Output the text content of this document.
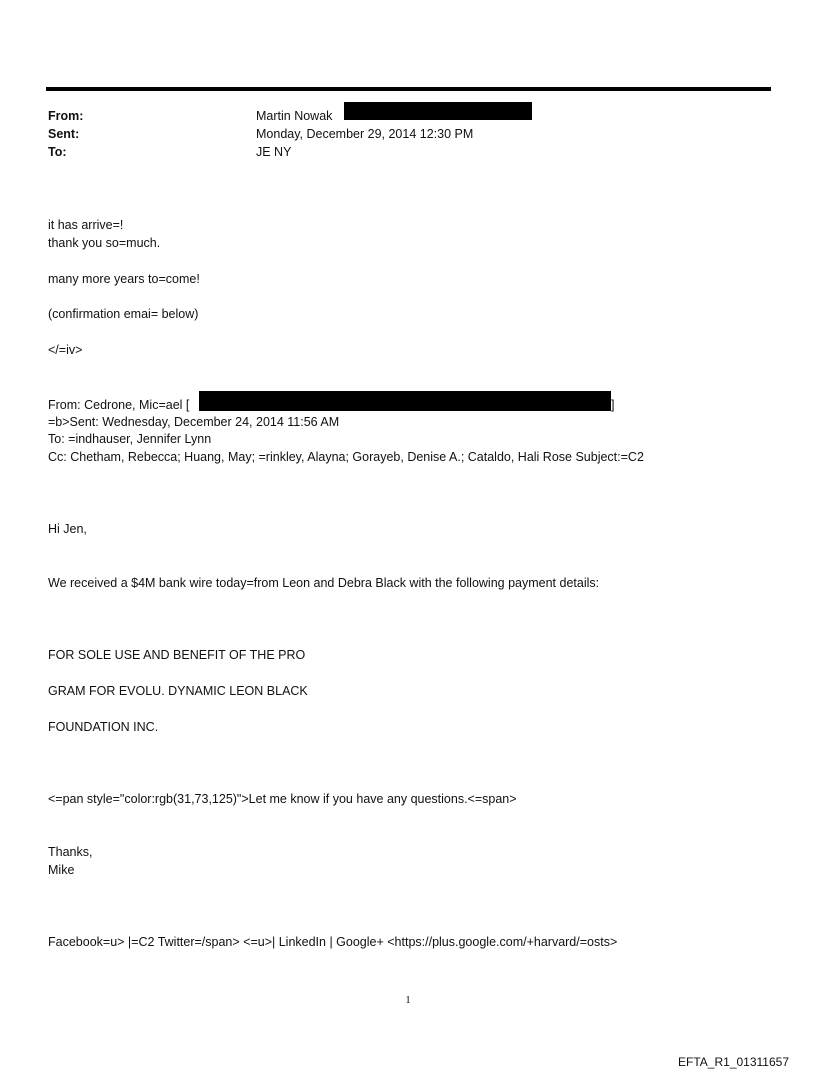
From:	Martin Nowak
Sent:	Monday, December 29, 2014 12:30 PM
To:	JE NY
it has arrive=!
thank you so=much.
many more years to=come!
(confirmation emai= below)
</=iv>
From: Cedrone, Mic=ael [	]
=b>Sent: Wednesday, December 24, 2014 11:56 AM
To: =indhauser, Jennifer Lynn
Cc: Chetham, Rebecca; Huang, May; =rinkley, Alayna; Gorayeb, Denise A.; Cataldo, Hali Rose Subject:=C2
Hi Jen,
We received a $4M bank wire today=from Leon and Debra Black with the following payment details:
FOR SOLE USE AND BENEFIT OF THE PRO
GRAM FOR EVOLU. DYNAMIC LEON BLACK
FOUNDATION INC.
<=pan style="color:rgb(31,73,125)">Let me know if you have any questions.<=span>
Thanks,
Mike
Facebook=u> |=C2 Twitter=/span> <=u>| LinkedIn | Google+ <https://plus.google.com/+harvard/=osts>
1
EFTA_R1_01311657
